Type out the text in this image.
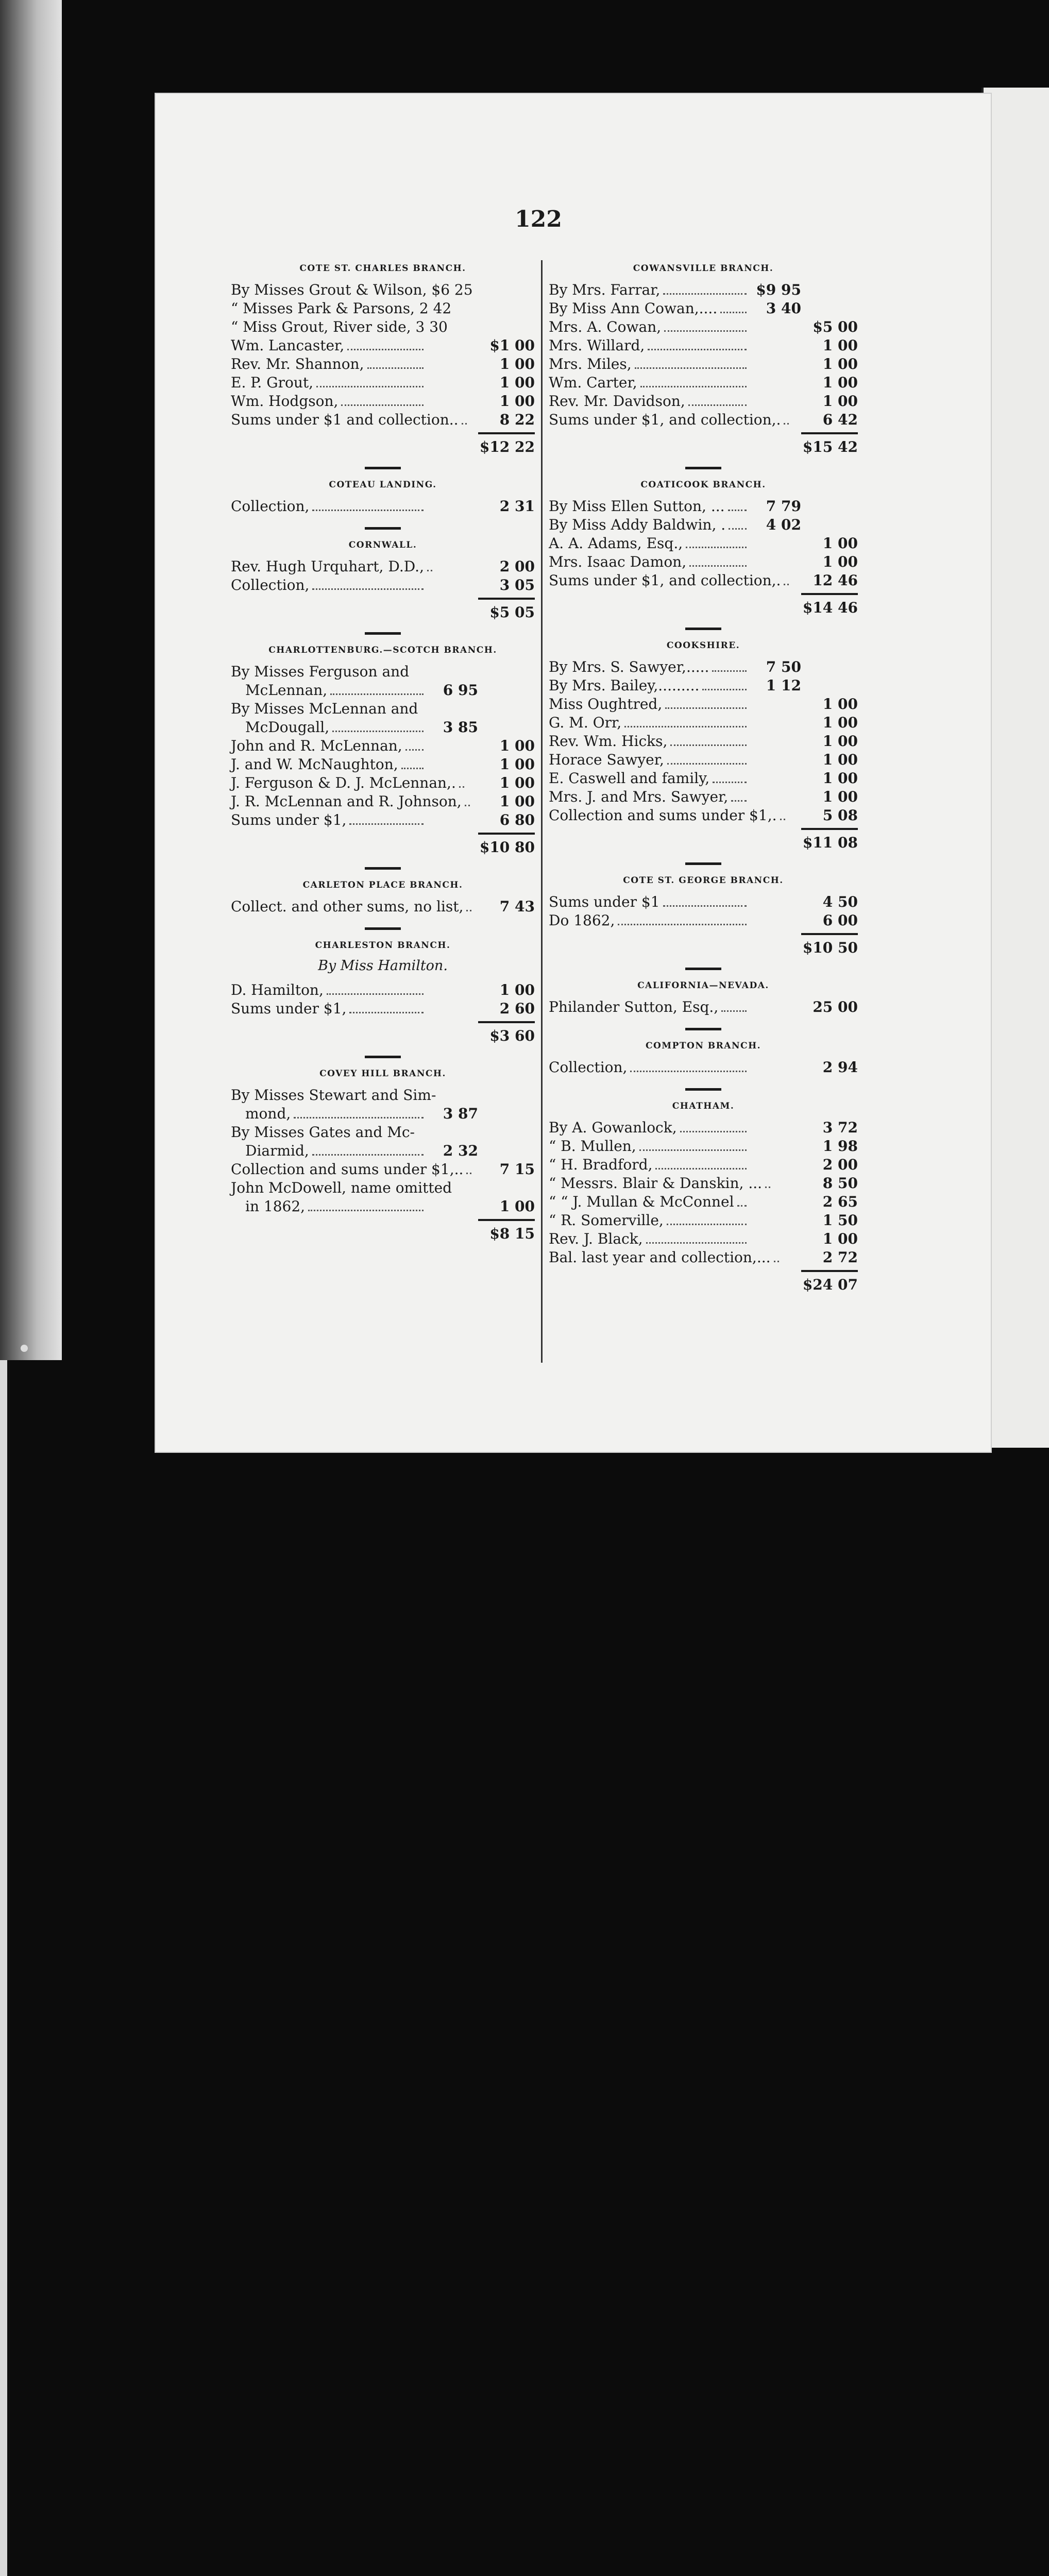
122
COTE ST. CHARLES BRANCH.
By Misses Grout & Wilson, $6 25
“ Misses Park & Parsons, 2 42
“ Miss Grout, River side, 3 30
Wm. Lancaster,	$1 00
Rev. Mr. Shannon,	1 00
E. P. Grout,	1 00
Wm. Hodgson,	1 00
Sums under $1 and collection..	8 22
$12 22
COTEAU LANDING.
Collection,	2 31
CORNWALL.
Rev. Hugh Urquhart, D.D.,	2 00
Collection,	3 05
$5 05
CHARLOTTENBURG.—SCOTCH BRANCH.
By Misses Ferguson and
McLennan,	6 95
By Misses McLennan and
McDougall,	3 85
John and R. McLennan,	1 00
J. and W. McNaughton,	1 00
J. Ferguson & D. J. McLennan,.	1 00
J. R. McLennan and R. Johnson,	1 00
Sums under $1,	6 80
$10 80
CARLETON PLACE BRANCH.
Collect. and other sums, no list,	7 43
CHARLESTON BRANCH.
By Miss Hamilton.
D. Hamilton,	1 00
Sums under $1,	2 60
$3 60
COVEY HILL BRANCH.
By Misses Stewart and Sim-
mond,	3 87
By Misses Gates and Mc-
Diarmid,	2 32
Collection and sums under $1,..	7 15
John McDowell, name omitted
in 1862,	1 00
$8 15
COWANSVILLE BRANCH.
By Mrs. Farrar,	$9 95
By Miss Ann Cowan,....	3 40
Mrs. A. Cowan,	$5 00
Mrs. Willard,	1 00
Mrs. Miles,	1 00
Wm. Carter,	1 00
Rev. Mr. Davidson,	1 00
Sums under $1, and collection,.	6 42
$15 42
COATICOOK BRANCH.
By Miss Ellen Sutton, ...	7 79
By Miss Addy Baldwin, .	4 02
A. A. Adams, Esq.,	1 00
Mrs. Isaac Damon,	1 00
Sums under $1, and collection,. 12 46
$14 46
COOKSHIRE.
By Mrs. S. Sawyer,.....	7 50
By Mrs. Bailey,.........	1 12
Miss Oughtred,	1 00
G. M. Orr,	1 00
Rev. Wm. Hicks,	1 00
Horace Sawyer,	1 00
E. Caswell and family,	1 00
Mrs. J. and Mrs. Sawyer,	1 00
Collection and sums under $1,.	5 08
$11 08
COTE ST. GEORGE BRANCH.
Sums under $1	4 50
Do 1862,	6 00
$10 50
CALIFORNIA—NEVADA.
Philander Sutton, Esq.,	25 00
COMPTON BRANCH.
Collection,	2 94
CHATHAM.
By A. Gowanlock,	3 72
“ B. Mullen,	1 98
“ H. Bradford,	2 00
“ Messrs. Blair & Danskin, ...	8 50
“ “ J. Mullan & McConnel	2 65
“ R. Somerville,	1 50
Rev. J. Black,	1 00
Bal. last year and collection,...	2 72
$24 07
